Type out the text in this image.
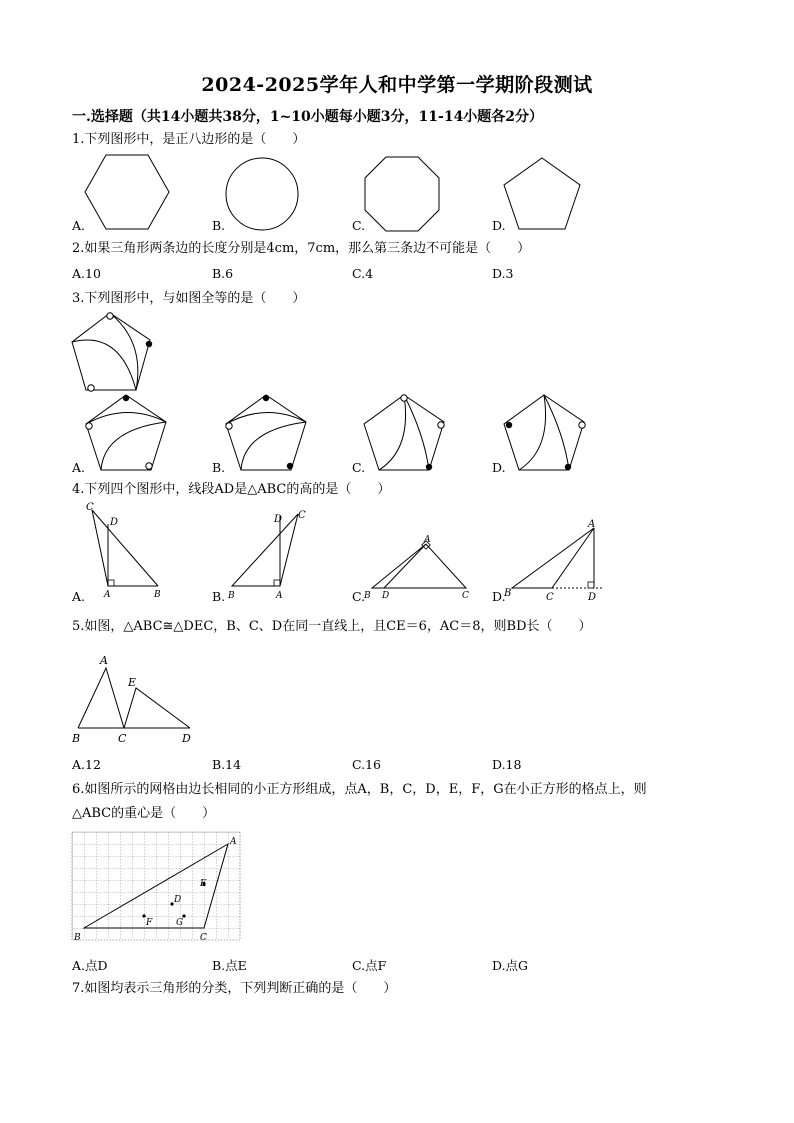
2024-2025学年人和中学第一学期阶段测试
一.选择题（共14小题共38分，1~10小题每小题3分，11-14小题各2分）
1.下列图形中，是正八边形的是（　　）
A.	B.	C.	D.
2.如果三角形两条边的长度分别是4cm，7cm，那么第三条边不可能是（　　）
A.10	B.6	C.4	D.3
3.下列图形中，与如图全等的是（　　）
A.	B.	C.	D.
4.下列四个图形中，线段AD是△ABC的高的是（　　）
C
D
A	B
D C
B	A
A
B D	C
A
B	C	D
A.	B.	C.	D.
5.如图，△ABC≅△DEC，B、C、D在同一直线上，且CE＝6，AC＝8，则BD长（　　）
A
E
B	C	D
A.12	B.14	C.16	D.18
6.如图所示的网格由边长相同的小正方形组成，点A，B，C，D，E，F，G在小正方形的格点上，则
△ABC的重心是（　　）
A
B	C
D
E
F	G
A.点D	B.点E	C.点F	D.点G
7.如图均表示三角形的分类，下列判断正确的是（　　）
